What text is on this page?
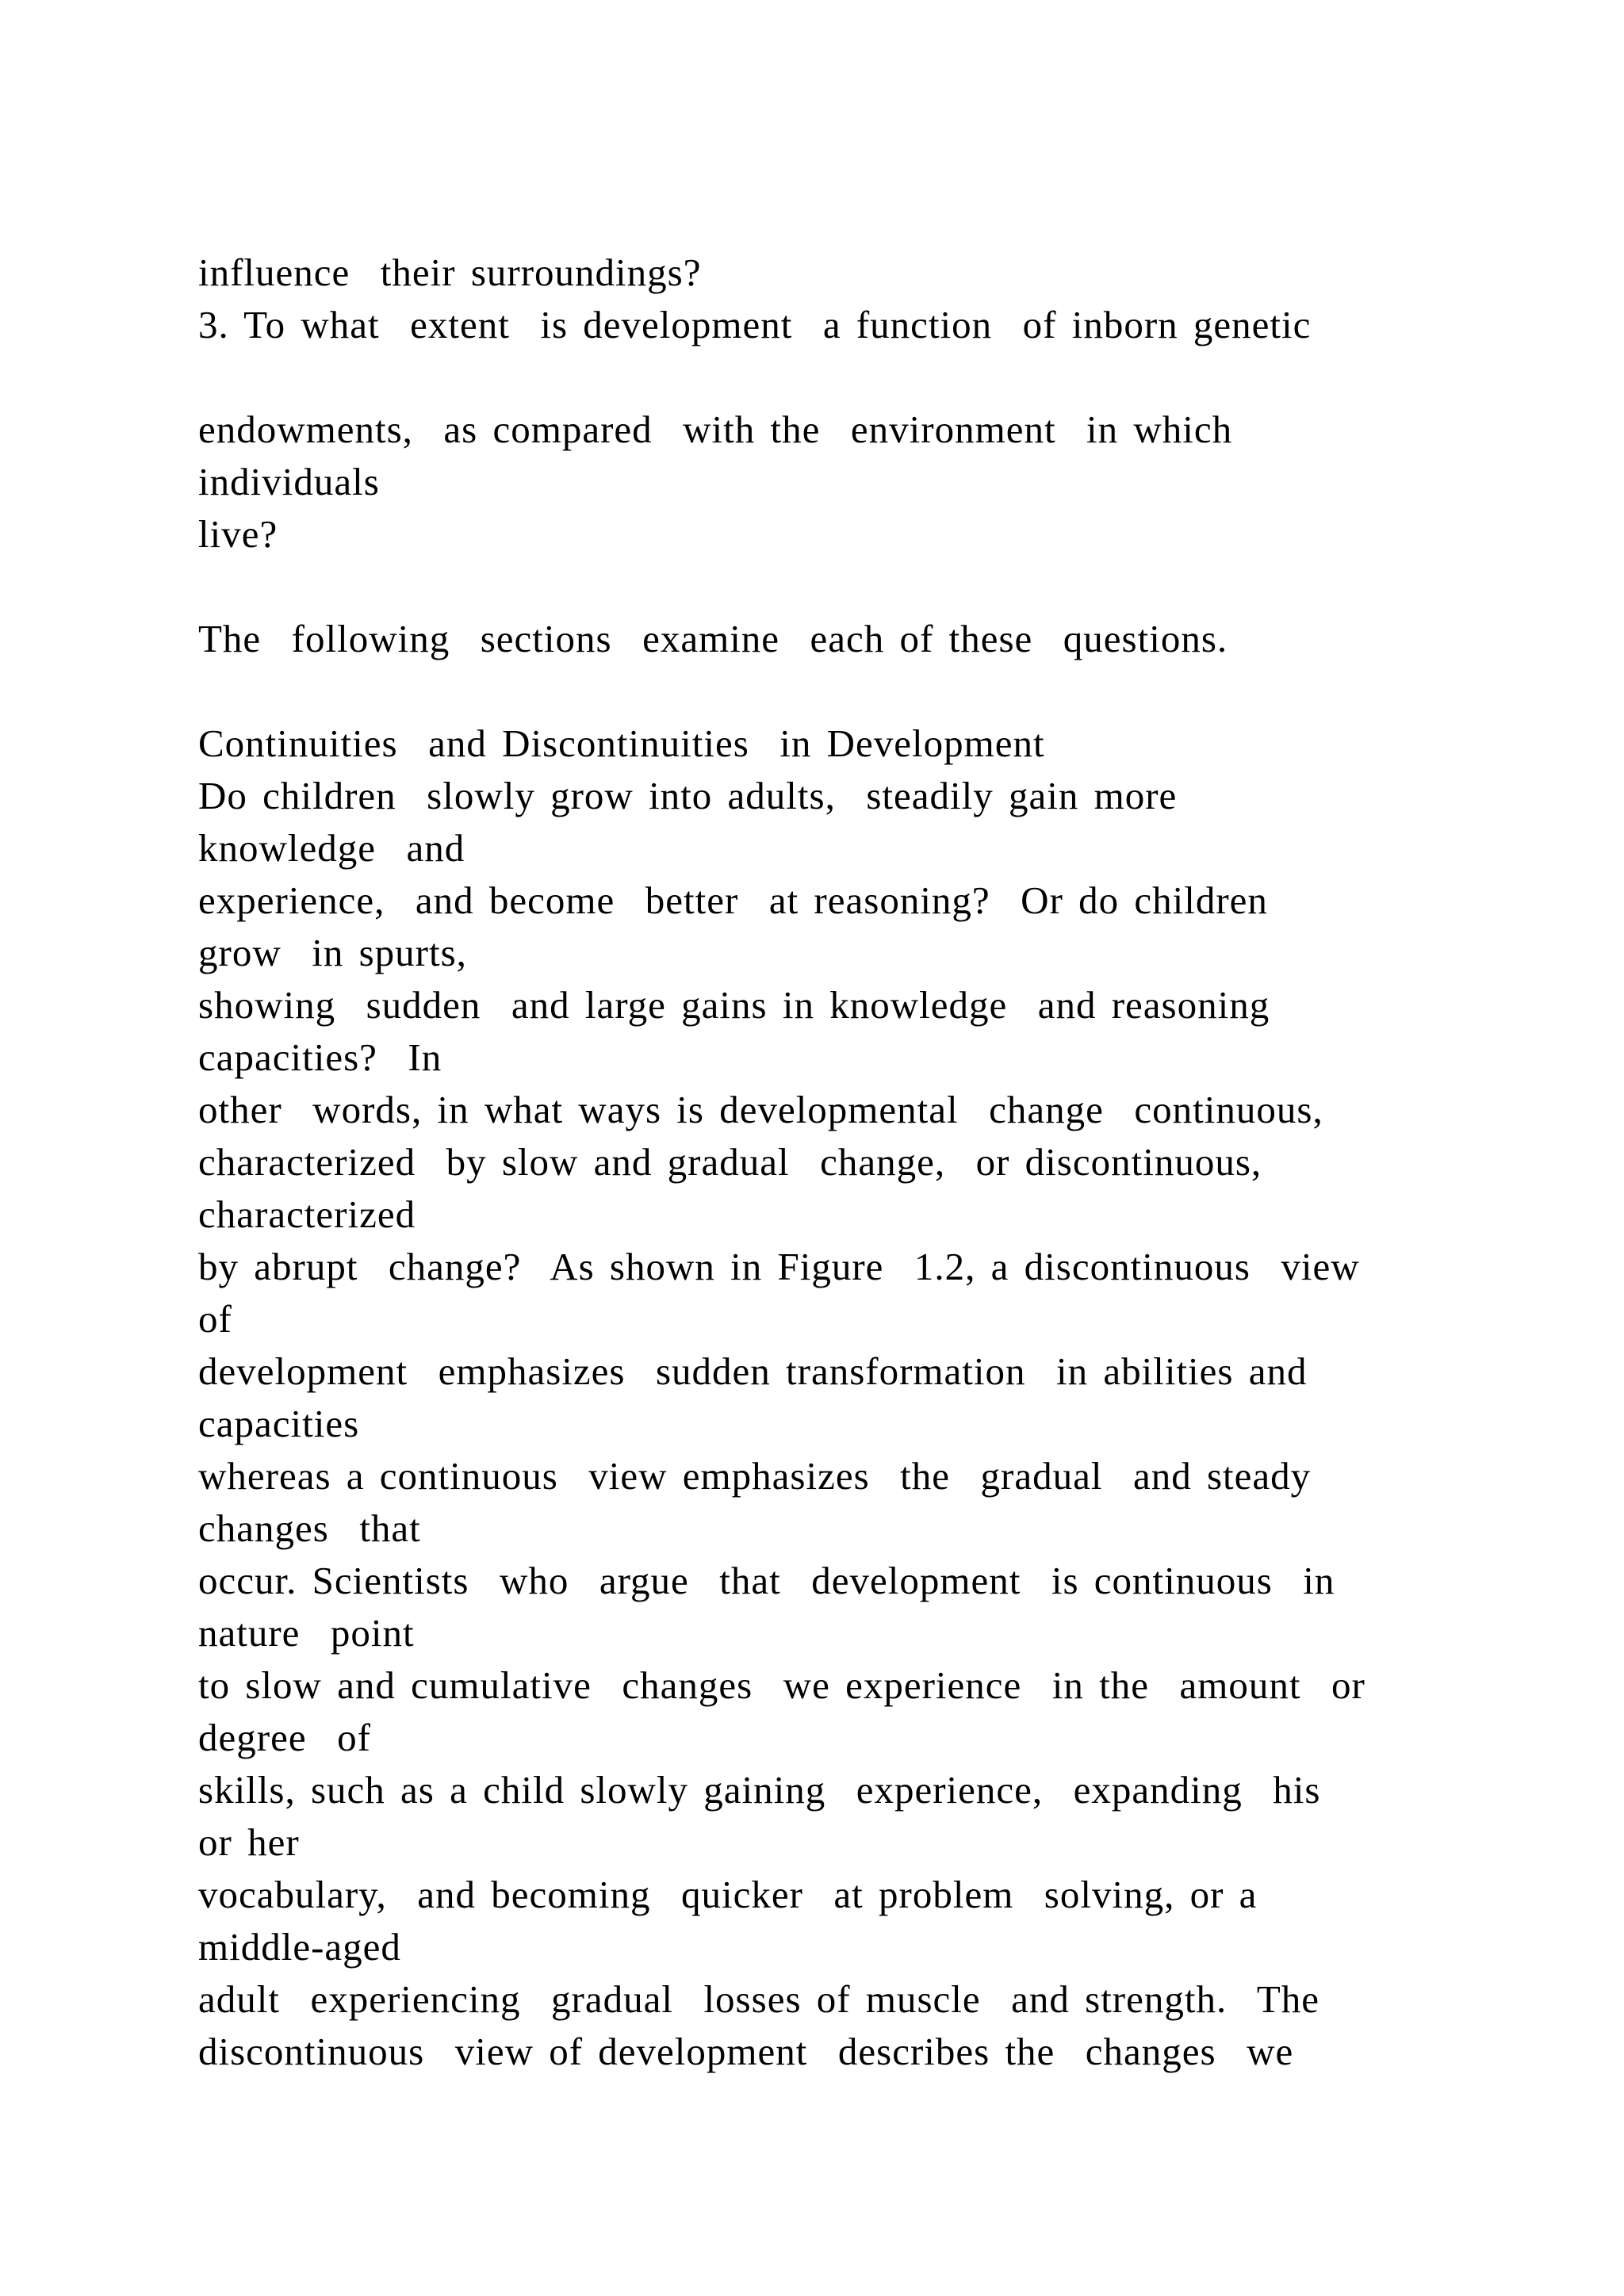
influence  their surroundings?
3. To what  extent  is development  a function  of inborn genetic
endowments,  as compared  with the  environment  in which
individuals
live?
The  following  sections  examine  each of these  questions.
Continuities  and Discontinuities  in Development
Do children  slowly grow into adults,  steadily gain more
knowledge  and
experience,  and become  better  at reasoning?  Or do children
grow  in spurts,
showing  sudden  and large gains in knowledge  and reasoning
capacities?  In
other  words, in what ways is developmental  change  continuous,
characterized  by slow and gradual  change,  or discontinuous,
characterized
by abrupt  change?  As shown in Figure  1.2, a discontinuous  view
of
development  emphasizes  sudden transformation  in abilities and
capacities
whereas a continuous  view emphasizes  the  gradual  and steady
changes  that
occur. Scientists  who  argue  that  development  is continuous  in
nature  point
to slow and cumulative  changes  we experience  in the  amount  or
degree  of
skills, such as a child slowly gaining  experience,  expanding  his
or her
vocabulary,  and becoming  quicker  at problem  solving, or a
middle-aged
adult  experiencing  gradual  losses of muscle  and strength.  The
discontinuous  view of development  describes the  changes  we
